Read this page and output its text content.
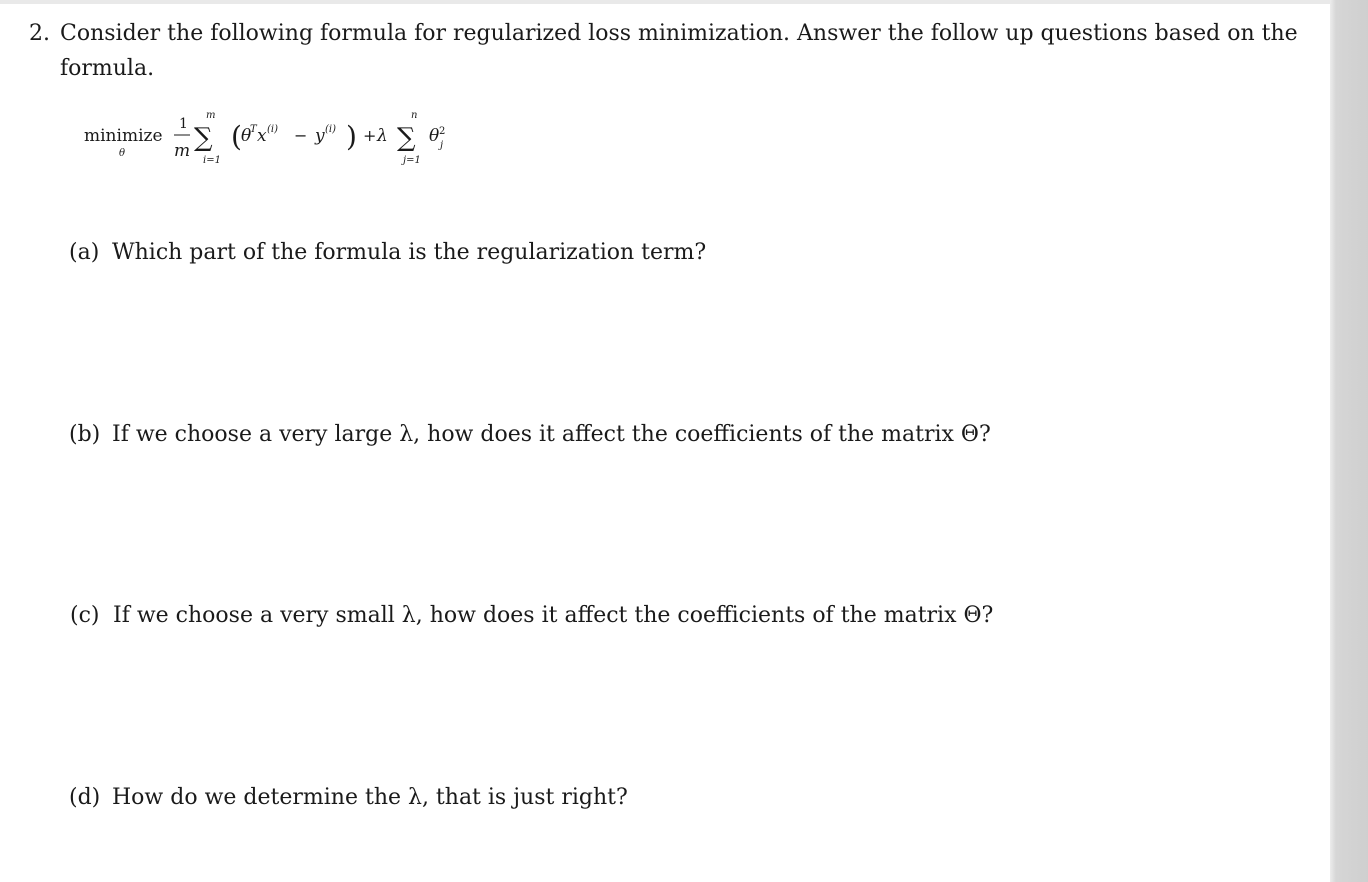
2. Consider the following formula for regularized loss minimization. Answer the follow up questions based on the
formula.
minimize
θ
1
m
m
∑
i=1
( θ
T x (i) − y (i) ) + λ
n
∑
j=1
θ 2
j
(a) Which part of the formula is the regularization term?
(b) If we choose a very large λ, how does it affect the coefficients of the matrix Θ?
(c) If we choose a very small λ, how does it affect the coefficients of the matrix Θ?
(d) How do we determine the λ, that is just right?
